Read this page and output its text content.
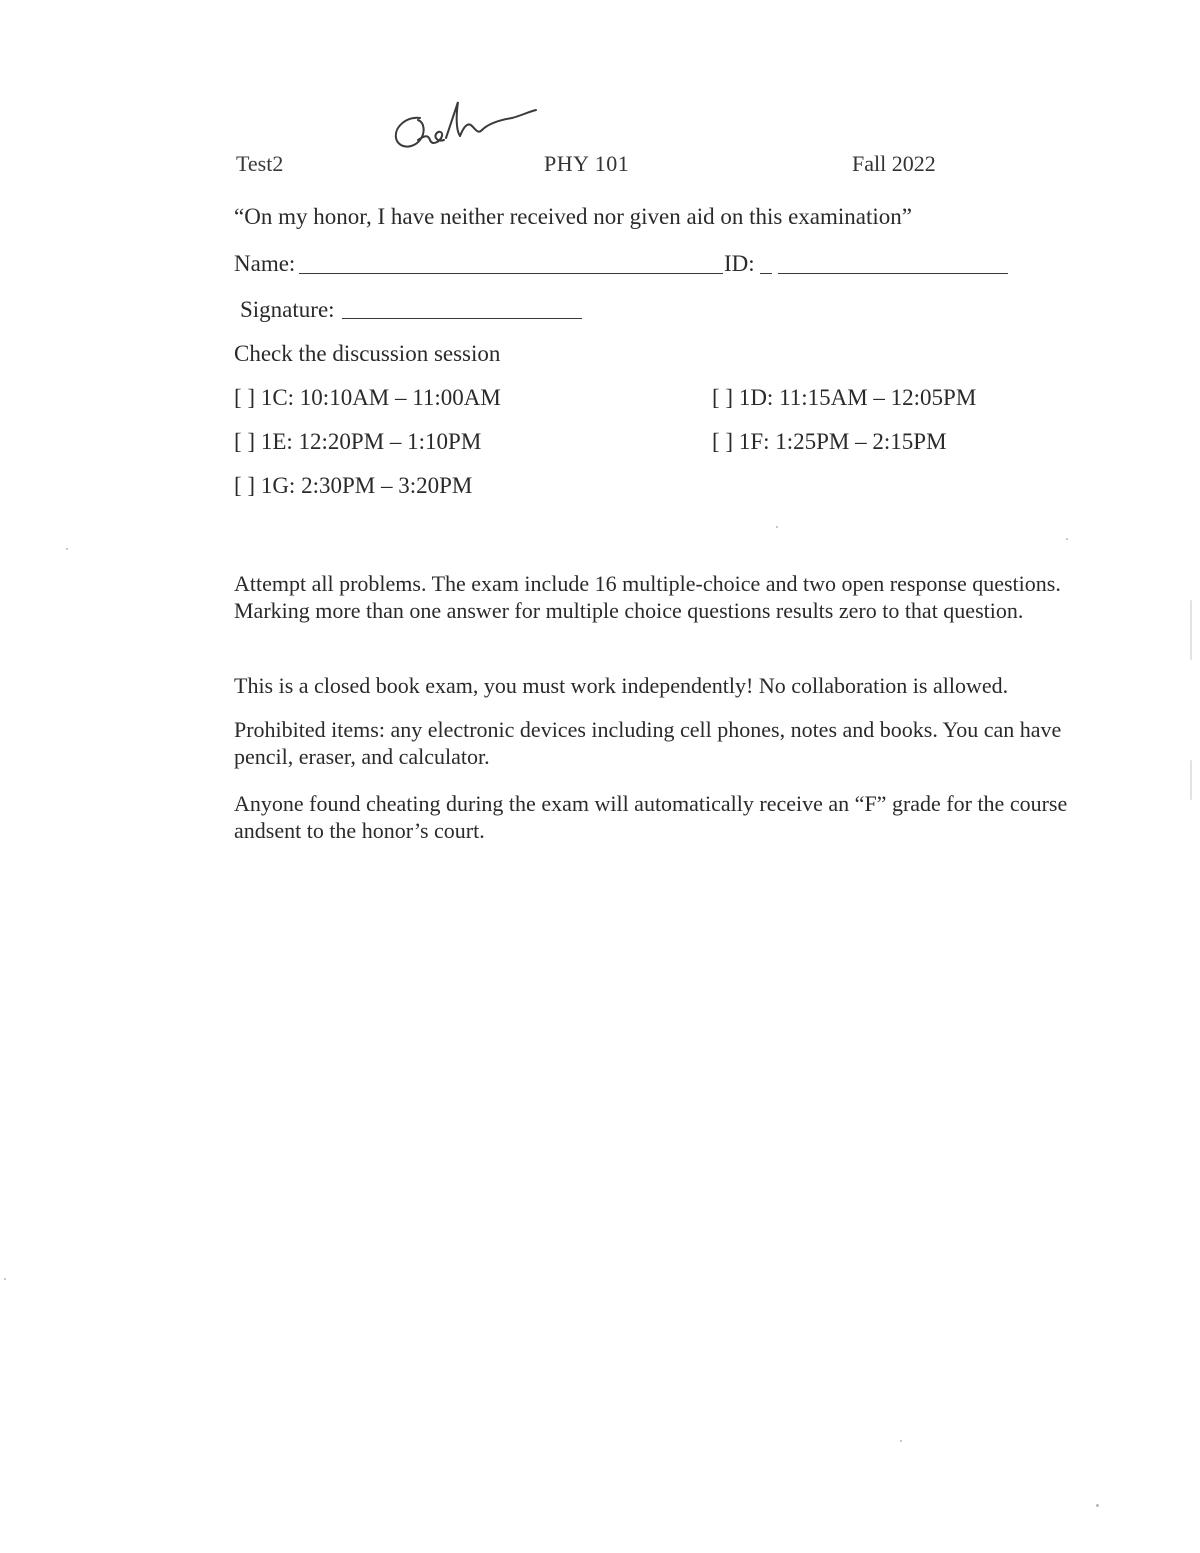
Test2	PHY 101	Fall 2022
“On my honor, I have neither received nor given aid on this examination”
Name:	ID:
Signature:
Check the discussion session
[ ] 1C: 10:10AM – 11:00AM	[ ] 1D: 11:15AM – 12:05PM
[ ] 1E: 12:20PM – 1:10PM	[ ] 1F: 1:25PM – 2:15PM
[ ] 1G: 2:30PM – 3:20PM

Attempt all problems. The exam include 16 multiple-choice and two open response questions. Marking more than one answer for multiple choice questions results zero to that question.

This is a closed book exam, you must work independently! No collaboration is allowed.

Prohibited items: any electronic devices including cell phones, notes and books. You can have pencil, eraser, and calculator.

Anyone found cheating during the exam will automatically receive an “F” grade for the course andsent to the honor’s court.
